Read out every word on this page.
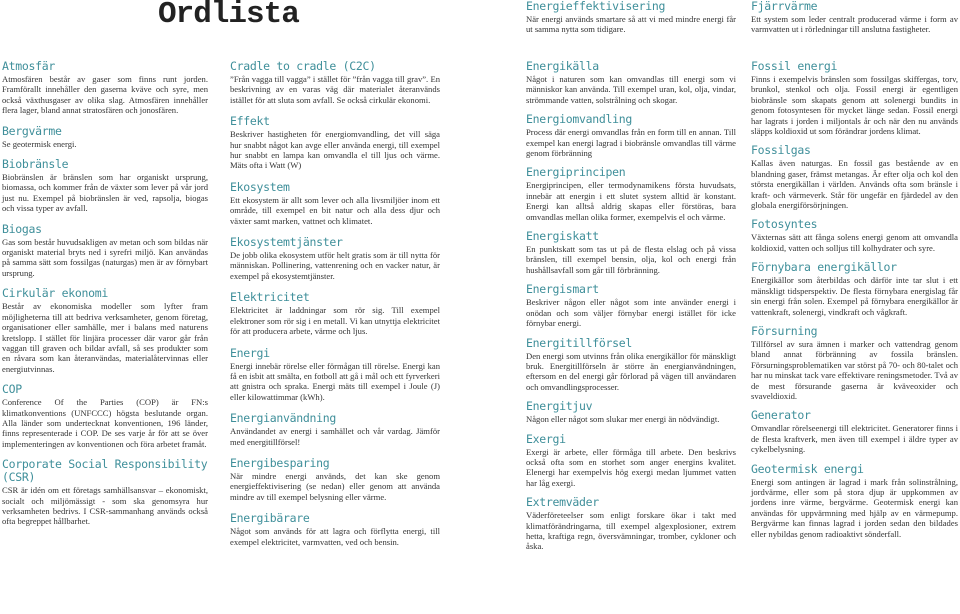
Ordlista	Energieffektivisering

När energi används smartare så att vi med mindre energi får ut samma nytta som tidigare.

Fjärrvärme

Ett system som leder centralt producerad värme i form av varmvatten ut i rörledningar till anslutna fastigheter.

Atmosfär

Atmosfären består av gaser som finns runt jorden. Framförallt innehåller den gaserna kväve och syre, men också växthusgaser av olika slag. Atmosfären innehåller flera lager, bland annat stratosfären och jonosfären.

Bergvärme

Se geotermisk energi.

Biobränsle

Biobränslen är bränslen som har organiskt ursprung, biomassa, och kommer från de växter som lever på vår jord just nu. Exempel på biobränslen är ved, rapsolja, biogas och vissa typer av avfall.

Biogas

Gas som består huvudsakligen av metan och som bildas när organiskt material bryts ned i syrefri miljö. Kan användas på samma sätt som fossilgas (naturgas) men är av förnybart ursprung.

Cirkulär ekonomi

Består av ekonomiska modeller som lyfter fram möjligheterna till att bedriva verksamheter, genom företag, organisationer eller samhälle, mer i balans med naturens kretslopp. I stället för linjära processer där varor går från vaggan till graven och bildar avfall, så ses produkter som en råvara som kan återanvändas, materialåtervinnas eller energiutvinnas.

COP

Conference Of the Parties (COP) är FN:s klimatkonventions (UNFCCC) högsta beslutande organ. Alla länder som undertecknat konventionen, 196 länder, finns representerade i COP. De ses varje år för att se över implementeringen av konventionen och föra arbetet framåt.

Corporate Social Responsibility (CSR)

CSR är idén om ett företags samhällsansvar – ekonomiskt, socialt och miljömässigt - som ska genomsyra hur verksamheten bedrivs. I CSR-sammanhang används också ofta begreppet hållbarhet.

Cradle to cradle (C2C)

”Från vagga till vagga” i stället för ”från vagga till grav”. En beskrivning av en varas väg där materialet återanvänds istället för att sluta som avfall. Se också cirkulär ekonomi.

Effekt

Beskriver hastigheten för energiomvandling, det vill säga hur snabbt något kan avge eller använda energi, till exempel hur snabbt en lampa kan omvandla el till ljus och värme. Mäts ofta i Watt (W)

Ekosystem

Ett ekosystem är allt som lever och alla livsmiljöer inom ett område, till exempel en bit natur och alla dess djur och växter samt marken, vattnet och klimatet.

Ekosystemtjänster

De jobb olika ekosystem utför helt gratis som är till nytta för människan. Pollinering, vattenrening och en vacker natur, är exempel på ekosystemtjänster.

Elektricitet

Elektricitet är laddningar som rör sig. Till exempel elektroner som rör sig i en metall. Vi kan utnyttja elektricitet för att producera arbete, värme och ljus.

Energi

Energi innebär rörelse eller förmågan till rörelse. Energi kan få en isbit att smälta, en fotboll att gå i mål och ett fyrverkeri att gnistra och spraka. Energi mäts till exempel i Joule (J) eller kilowattimmar (kWh).

Energianvändning

Användandet av energi i samhället och vår vardag. Jämför med energitillförsel!

Energibesparing

När mindre energi används, det kan ske genom energieffektivisering (se nedan) eller genom att använda mindre av till exempel belysning eller värme.

Energibärare

Något som används för att lagra och förflytta energi, till exempel elektricitet, varmvatten, ved och bensin.

Energikälla

Något i naturen som kan omvandlas till energi som vi människor kan använda. Till exempel uran, kol, olja, vindar, strömmande vatten, solstrålning och skogar.

Energiomvandling

Process där energi omvandlas från en form till en annan. Till exempel kan energi lagrad i biobränsle omvandlas till värme genom förbränning

Energiprincipen

Energiprincipen, eller termodynamikens första huvudsats, innebär att energin i ett slutet system alltid är konstant. Energi kan alltså aldrig skapas eller förstöras, bara omvandlas mellan olika former, exempelvis el och värme.

Energiskatt

En punktskatt som tas ut på de flesta elslag och på vissa bränslen, till exempel bensin, olja, kol och energi från hushållsavfall som går till förbränning.

Energismart

Beskriver någon eller något som inte använder energi i onödan och som väljer förnybar energi istället för icke förnybar energi.

Energitillförsel

Den energi som utvinns från olika energikällor för mänskligt bruk. Energitillförseln är större än energianvändningen, eftersom en del energi går förlorad på vägen till användaren och omvandlingsprocesser.

Energitjuv

Någon eller något som slukar mer energi än nödvändigt.

Exergi

Exergi är arbete, eller förmåga till arbete. Den beskrivs också ofta som en storhet som anger energins kvalitet. Elenergi har exempelvis hög exergi medan ljummet vatten har låg exergi.

Extremväder

Väderföreteelser som enligt forskare ökar i takt med klimatförändringarna, till exempel algexplosioner, extrem hetta, kraftiga regn, översvämningar, tromber, cykloner och åska.

Fossil energi

Finns i exempelvis bränslen som fossilgas skiffergas, torv, brunkol, stenkol och olja. Fossil energi är egentligen biobränsle som skapats genom att solenergi bundits in genom fotosyntesen för mycket länge sedan. Fossil energi har lagrats i jorden i miljontals år och när den nu används släpps koldioxid ut som förändrar jordens klimat.

Fossilgas

Kallas även naturgas. En fossil gas bestående av en blandning gaser, främst metangas. Är efter olja och kol den största energikällan i världen. Används ofta som bränsle i kraft- och värmeverk. Står för ungefär en fjärdedel av den globala energiförsörjningen.

Fotosyntes

Växternas sätt att fånga solens energi genom att omvandla koldioxid, vatten och solljus till kolhydrater och syre.

Förnybara energikällor

Energikällor som återbildas och därför inte tar slut i ett mänskligt tidsperspektiv. De flesta förnybara energislag får sin energi från solen. Exempel på förnybara energikällor är vattenkraft, solenergi, vindkraft och vågkraft.

Försurning

Tillförsel av sura ämnen i marker och vattendrag genom bland annat förbränning av fossila bränslen. Försurningsproblematiken var störst på 70- och 80-talet och har nu minskat tack vare effektivare reningsmetoder. Två av de mest försurande gaserna är kväveoxider och svaveldioxid.

Generator

Omvandlar rörelseenergi till elektricitet. Generatorer finns i de flesta kraftverk, men även till exempel i äldre typer av cykelbelysning.

Geotermisk energi

Energi som antingen är lagrad i mark från solinstrålning, jordvärme, eller som på stora djup är uppkommen av jordens inre värme, bergvärme. Geotermisk energi kan användas för uppvärmning med hjälp av en värmepump. Bergvärme kan finnas lagrad i jorden sedan den bildades eller nybildas genom radioaktivt sönderfall.
